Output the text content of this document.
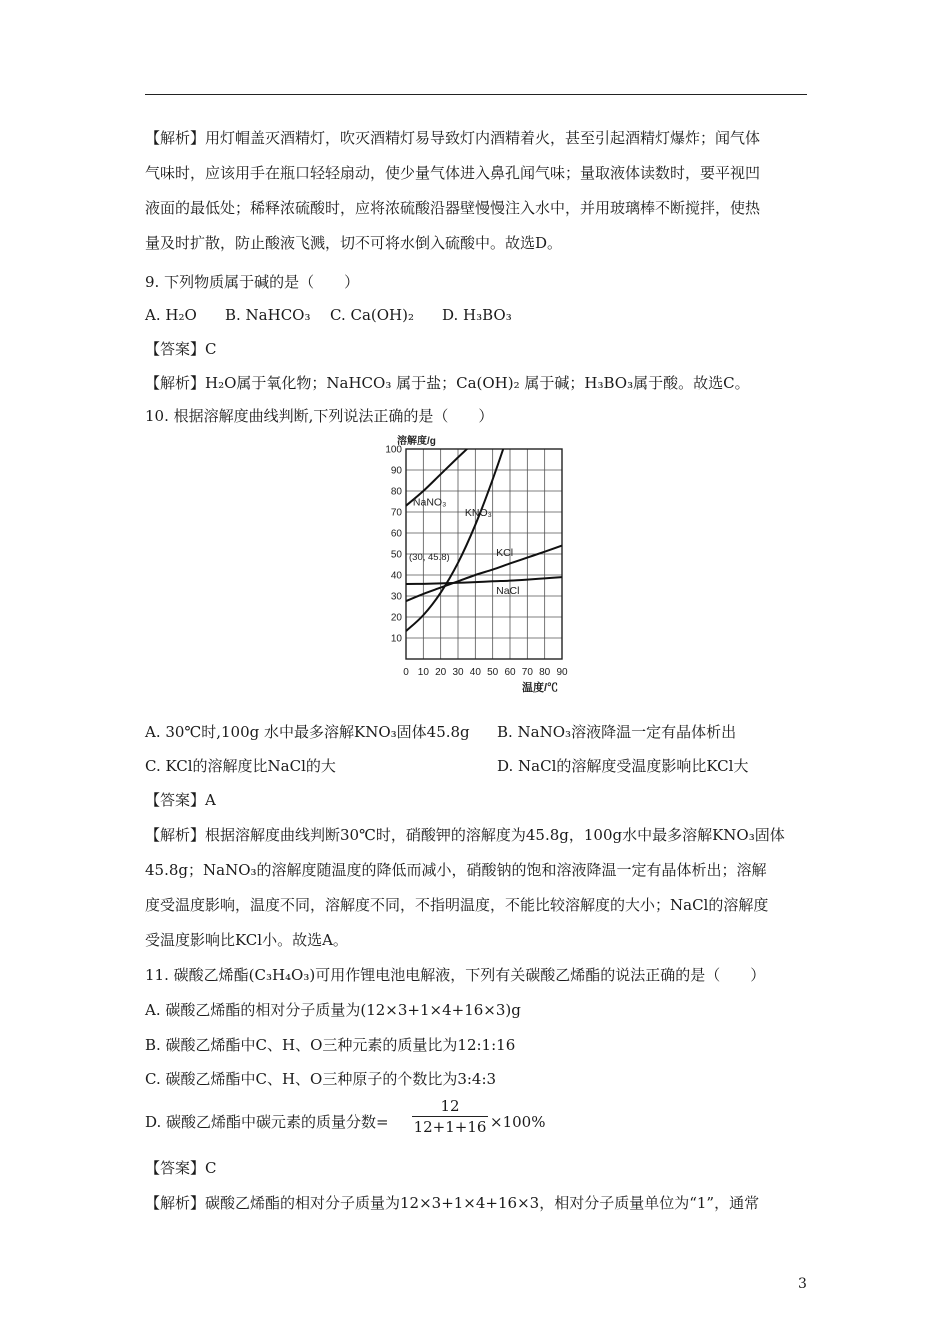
【解析】用灯帽盖灭酒精灯，吹灭酒精灯易导致灯内酒精着火，甚至引起酒精灯爆炸；闻气体
气味时，应该用手在瓶口轻轻扇动，使少量气体进入鼻孔闻气味；量取液体读数时，要平视凹
液面的最低处；稀释浓硫酸时，应将浓硫酸沿器壁慢慢注入水中，并用玻璃棒不断搅拌，使热
量及时扩散，防止酸液飞溅，切不可将水倒入硫酸中。故选D。
9. 下列物质属于碱的是（　　）
A. H₂O B. NaHCO₃ C. Ca(OH)₂ D. H₃BO₃
【答案】C
【解析】H₂O属于氧化物；NaHCO₃ 属于盐；Ca(OH)₂ 属于碱；H₃BO₃属于酸。故选C。
10. 根据溶解度曲线判断,下列说法正确的是（　　）
0 10 20 30 40 50 60 70 80 90
10
20
30
40
50
60
70
80
90
100
溶解度/g
温度/℃
(30, 45.8)
NaNO₃
KNO₃
KCl
NaCl
A. 30℃时,100g 水中最多溶解KNO₃固体45.8g B. NaNO₃溶液降温一定有晶体析出
C. KCl的溶解度比NaCl的大	D. NaCl的溶解度受温度影响比KCl大
【答案】A
【解析】根据溶解度曲线判断30℃时，硝酸钾的溶解度为45.8g，100g水中最多溶解KNO₃固体
45.8g；NaNO₃的溶解度随温度的降低而减小，硝酸钠的饱和溶液降温一定有晶体析出；溶解
度受温度影响，温度不同，溶解度不同，不指明温度，不能比较溶解度的大小；NaCl的溶解度
受温度影响比KCl小。故选A。
11. 碳酸乙烯酯(C₃H₄O₃)可用作锂电池电解液，下列有关碳酸乙烯酯的说法正确的是（　　）
A. 碳酸乙烯酯的相对分子质量为(12×3+1×4+16×3)g
B. 碳酸乙烯酯中C、H、O三种元素的质量比为12:1:16
C. 碳酸乙烯酯中C、H、O三种原子的个数比为3:4:3
D. 碳酸乙烯酯中碳元素的质量分数=
12
12+1+16 ×100%
【答案】C
【解析】碳酸乙烯酯的相对分子质量为12×3+1×4+16×3，相对分子质量单位为“1”，通常
3
